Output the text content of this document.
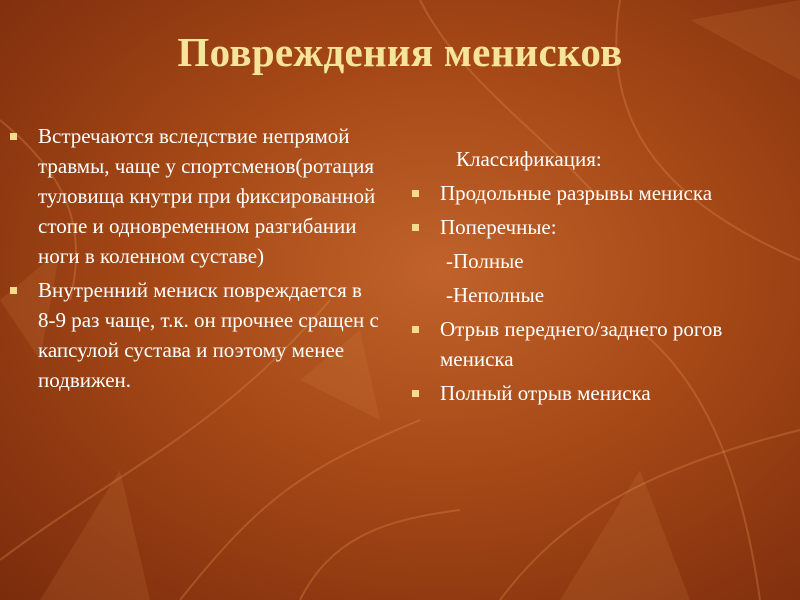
Повреждения менисков
Встречаются вследствие непрямой травмы, чаще у спортсменов(ротация туловища кнутри при фиксированной стопе и одновременном разгибании ноги в коленном суставе)
Внутренний мениск повреждается в 8-9 раз чаще, т.к. он прочнее сращен с капсулой сустава и поэтому менее подвижен.
Классификация:
Продольные разрывы мениска
Поперечные:
-Полные
-Неполные
Отрыв переднего/заднего рогов мениска
Полный отрыв мениска
